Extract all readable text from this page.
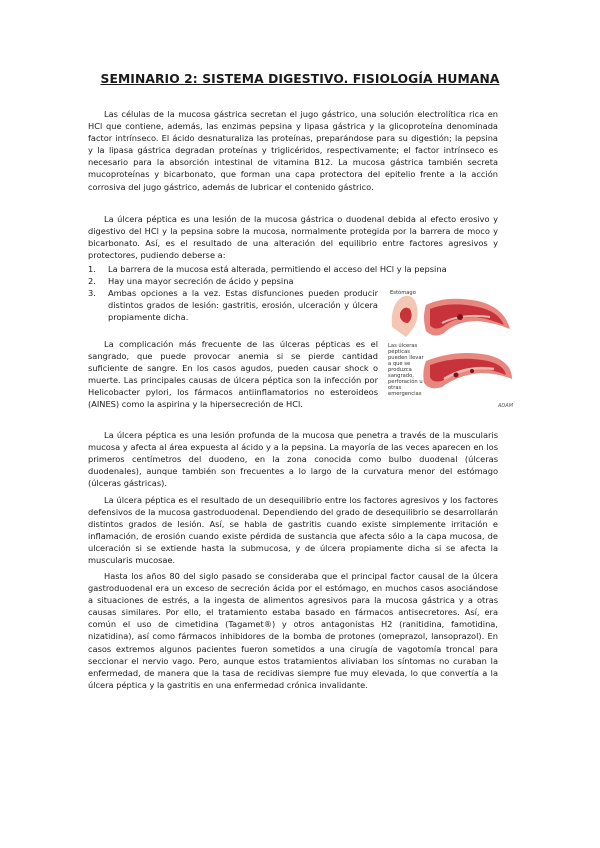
SEMINARIO 2: SISTEMA DIGESTIVO. FISIOLOGÍA HUMANA
Las células de la mucosa gástrica secretan el jugo gástrico, una solución electrolítica rica en HCl que contiene, además, las enzimas pepsina y lipasa gástrica y la glicoproteína denominada factor intrínseco. El ácido desnaturaliza las proteínas, preparándose para su digestión; la pepsina y la lipasa gástrica degradan proteínas y triglicéridos, respectivamente; el factor intrínseco es necesario para la absorción intestinal de vitamina B12. La mucosa gástrica también secreta mucoproteínas y bicarbonato, que forman una capa protectora del epitelio frente a la acción corrosiva del jugo gástrico, además de lubricar el contenido gástrico.
La úlcera péptica es una lesión de la mucosa gástrica o duodenal debida al efecto erosivo y digestivo del HCl y la pepsina sobre la mucosa, normalmente protegida por la barrera de moco y bicarbonato. Así, es el resultado de una alteración del equilibrio entre factores agresivos y protectores, pudiendo deberse a:
1.	La barrera de la mucosa está alterada, permitiendo el acceso del HCl y la pepsina
2.	Hay una mayor secreción de ácido y pepsina
3.	Ambas opciones a la vez. Estas disfunciones pueden producir distintos grados de lesión: gastritis, erosión, ulceración y úlcera propiamente dicha.
La complicación más frecuente de las úlceras pépticas es el sangrado, que puede provocar anemia si se pierde cantidad suficiente de sangre. En los casos agudos, pueden causar shock o muerte. Las principales causas de úlcera péptica son la infección por Helicobacter pylori, los fármacos antiinflamatorios no esteroideos (AINES) como la aspirina y la hipersecreción de HCl.
Estómago
Las úlceras pépticas pueden llevar a que se produzca sangrado, perforación u otras emergencias
ADAM
La úlcera péptica es una lesión profunda de la mucosa que penetra a través de la muscularis mucosa y afecta al área expuesta al ácido y a la pepsina. La mayoría de las veces aparecen en los primeros centímetros del duodeno, en la zona conocida como bulbo duodenal (úlceras duodenales), aunque también son frecuentes a lo largo de la curvatura menor del estómago (úlceras gástricas).
La úlcera péptica es el resultado de un desequilibrio entre los factores agresivos y los factores defensivos de la mucosa gastroduodenal. Dependiendo del grado de desequilibrio se desarrollarán distintos grados de lesión. Así, se habla de gastritis cuando existe simplemente irritación e inflamación, de erosión cuando existe pérdida de sustancia que afecta sólo a la capa mucosa, de ulceración si se extiende hasta la submucosa, y de úlcera propiamente dicha si se afecta la muscularis mucosae.
Hasta los años 80 del siglo pasado se consideraba que el principal factor causal de la úlcera gastroduodenal era un exceso de secreción ácida por el estómago, en muchos casos asociándose a situaciones de estrés, a la ingesta de alimentos agresivos para la mucosa gástrica y a otras causas similares. Por ello, el tratamiento estaba basado en fármacos antisecretores. Así, era común el uso de cimetidina (Tagamet®) y otros antagonistas H2 (ranitidina, famotidina, nizatidina), así como fármacos inhibidores de la bomba de protones (omeprazol, lansoprazol). En casos extremos algunos pacientes fueron sometidos a una cirugía de vagotomía troncal para seccionar el nervio vago. Pero, aunque estos tratamientos aliviaban los síntomas no curaban la enfermedad, de manera que la tasa de recidivas siempre fue muy elevada, lo que convertía a la úlcera péptica y la gastritis en una enfermedad crónica invalidante.
